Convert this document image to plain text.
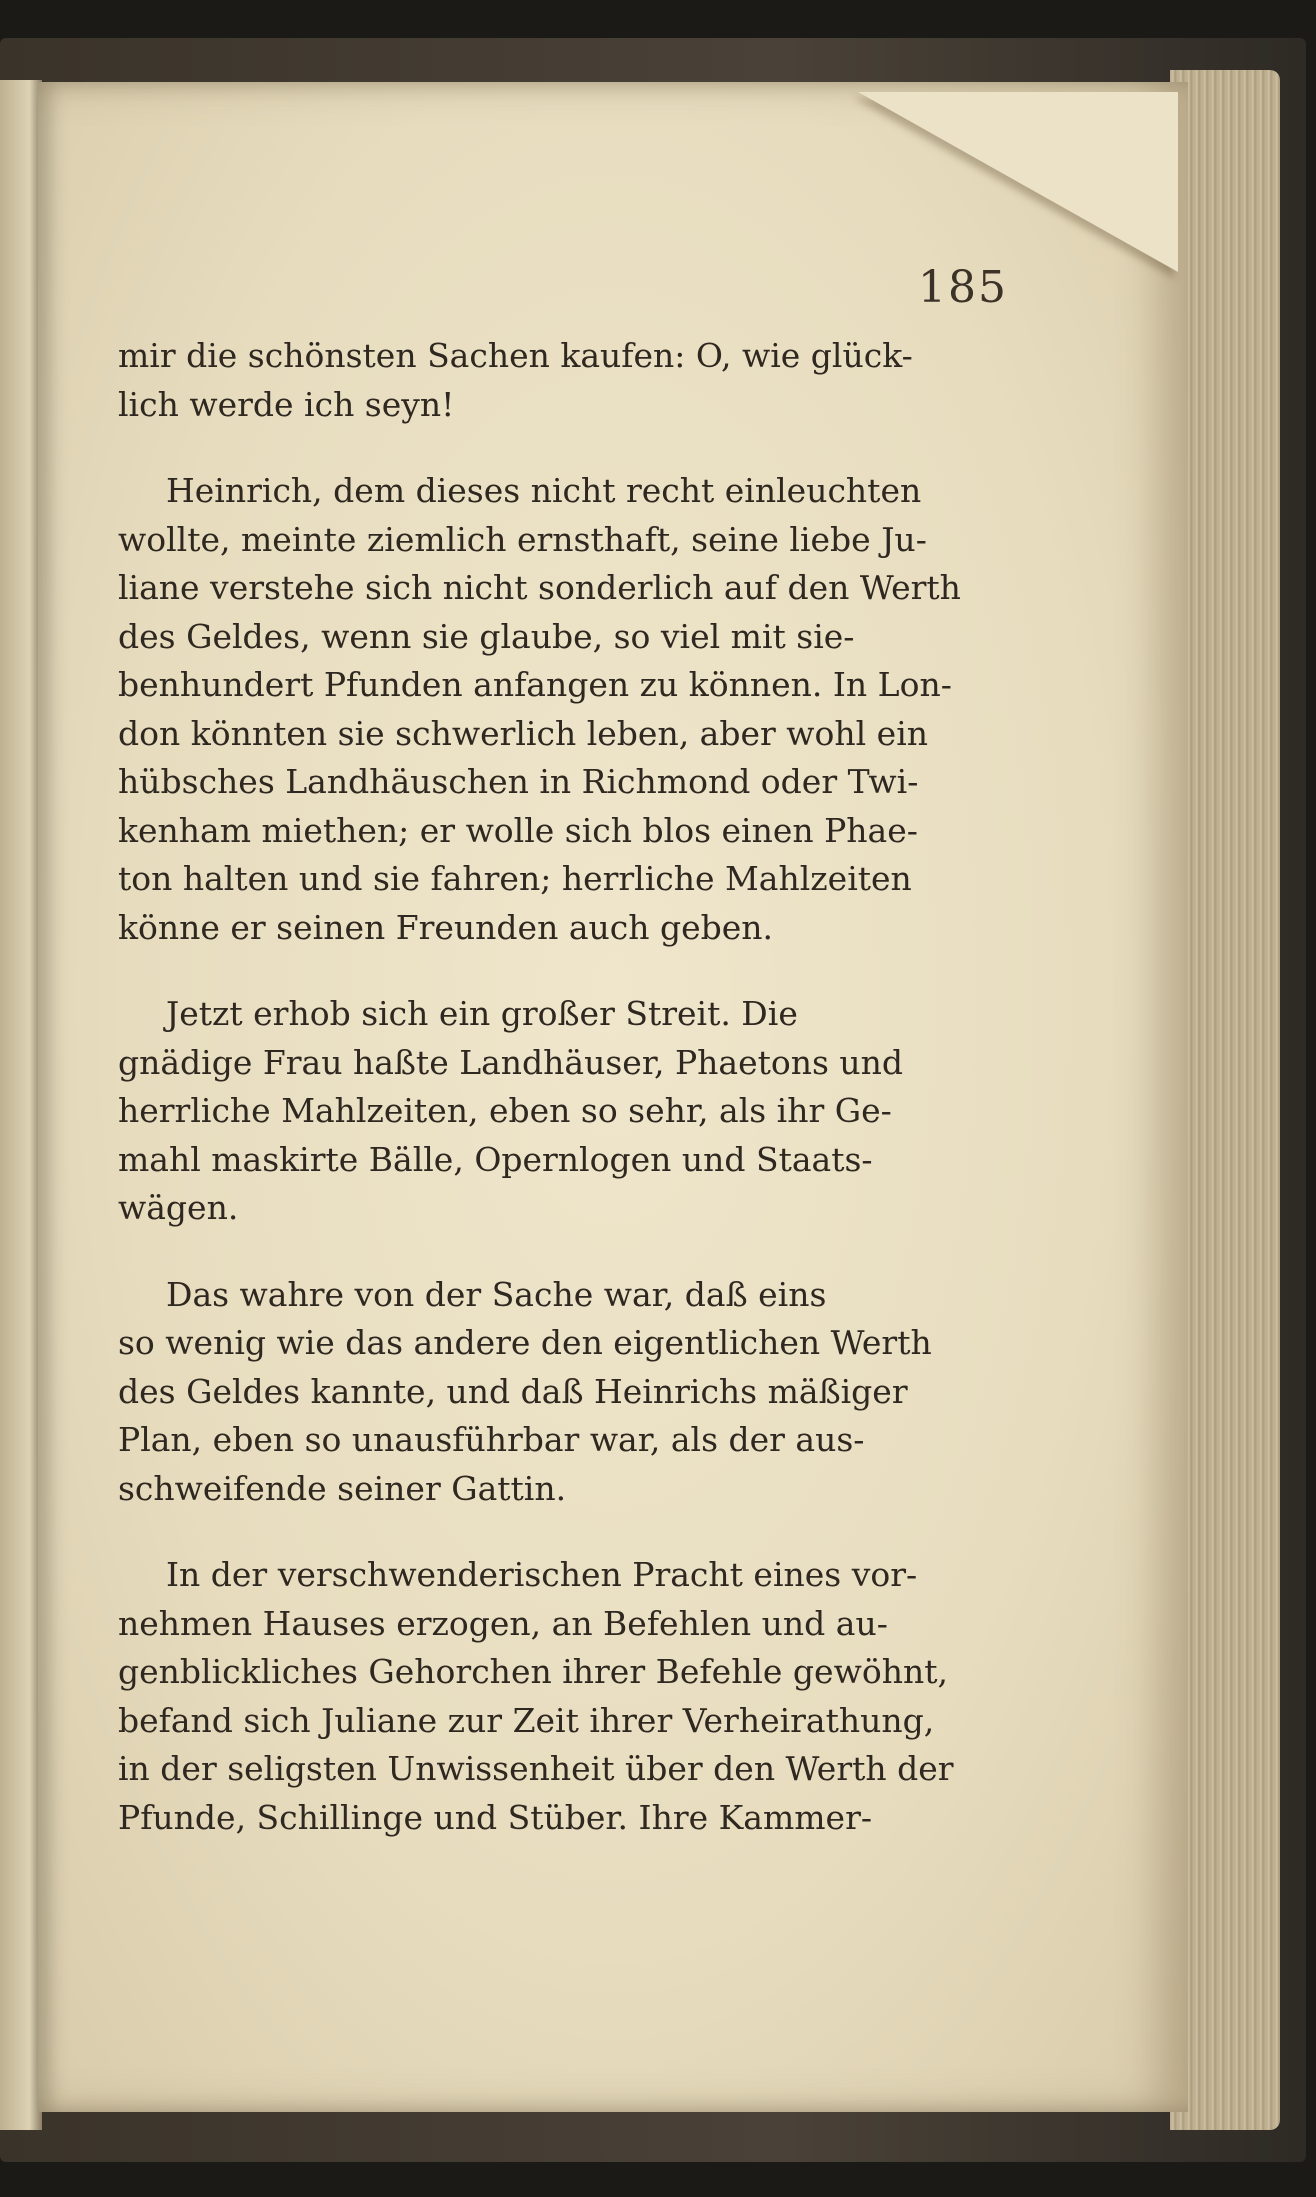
185

mir die schönsten Sachen kaufen: O, wie glück-
lich werde ich seyn!

Heinrich, dem dieses nicht recht einleuchten
wollte, meinte ziemlich ernsthaft, seine liebe Ju-
liane verstehe sich nicht sonderlich auf den Werth
des Geldes, wenn sie glaube, so viel mit sie-
benhundert Pfunden anfangen zu können. In Lon-
don könnten sie schwerlich leben, aber wohl ein
hübsches Landhäuschen in Richmond oder Twi-
kenham miethen; er wolle sich blos einen Phae-
ton halten und sie fahren; herrliche Mahlzeiten
könne er seinen Freunden auch geben.

Jetzt erhob sich ein großer Streit. Die
gnädige Frau haßte Landhäuser, Phaetons und
herrliche Mahlzeiten, eben so sehr, als ihr Ge-
mahl maskirte Bälle, Opernlogen und Staats-
wägen.

Das wahre von der Sache war, daß eins
so wenig wie das andere den eigentlichen Werth
des Geldes kannte, und daß Heinrichs mäßiger
Plan, eben so unausführbar war, als der aus-
schweifende seiner Gattin.

In der verschwenderischen Pracht eines vor-
nehmen Hauses erzogen, an Befehlen und au-
genblickliches Gehorchen ihrer Befehle gewöhnt,
befand sich Juliane zur Zeit ihrer Verheirathung,
in der seligsten Unwissenheit über den Werth der
Pfunde, Schillinge und Stüber. Ihre Kammer-
